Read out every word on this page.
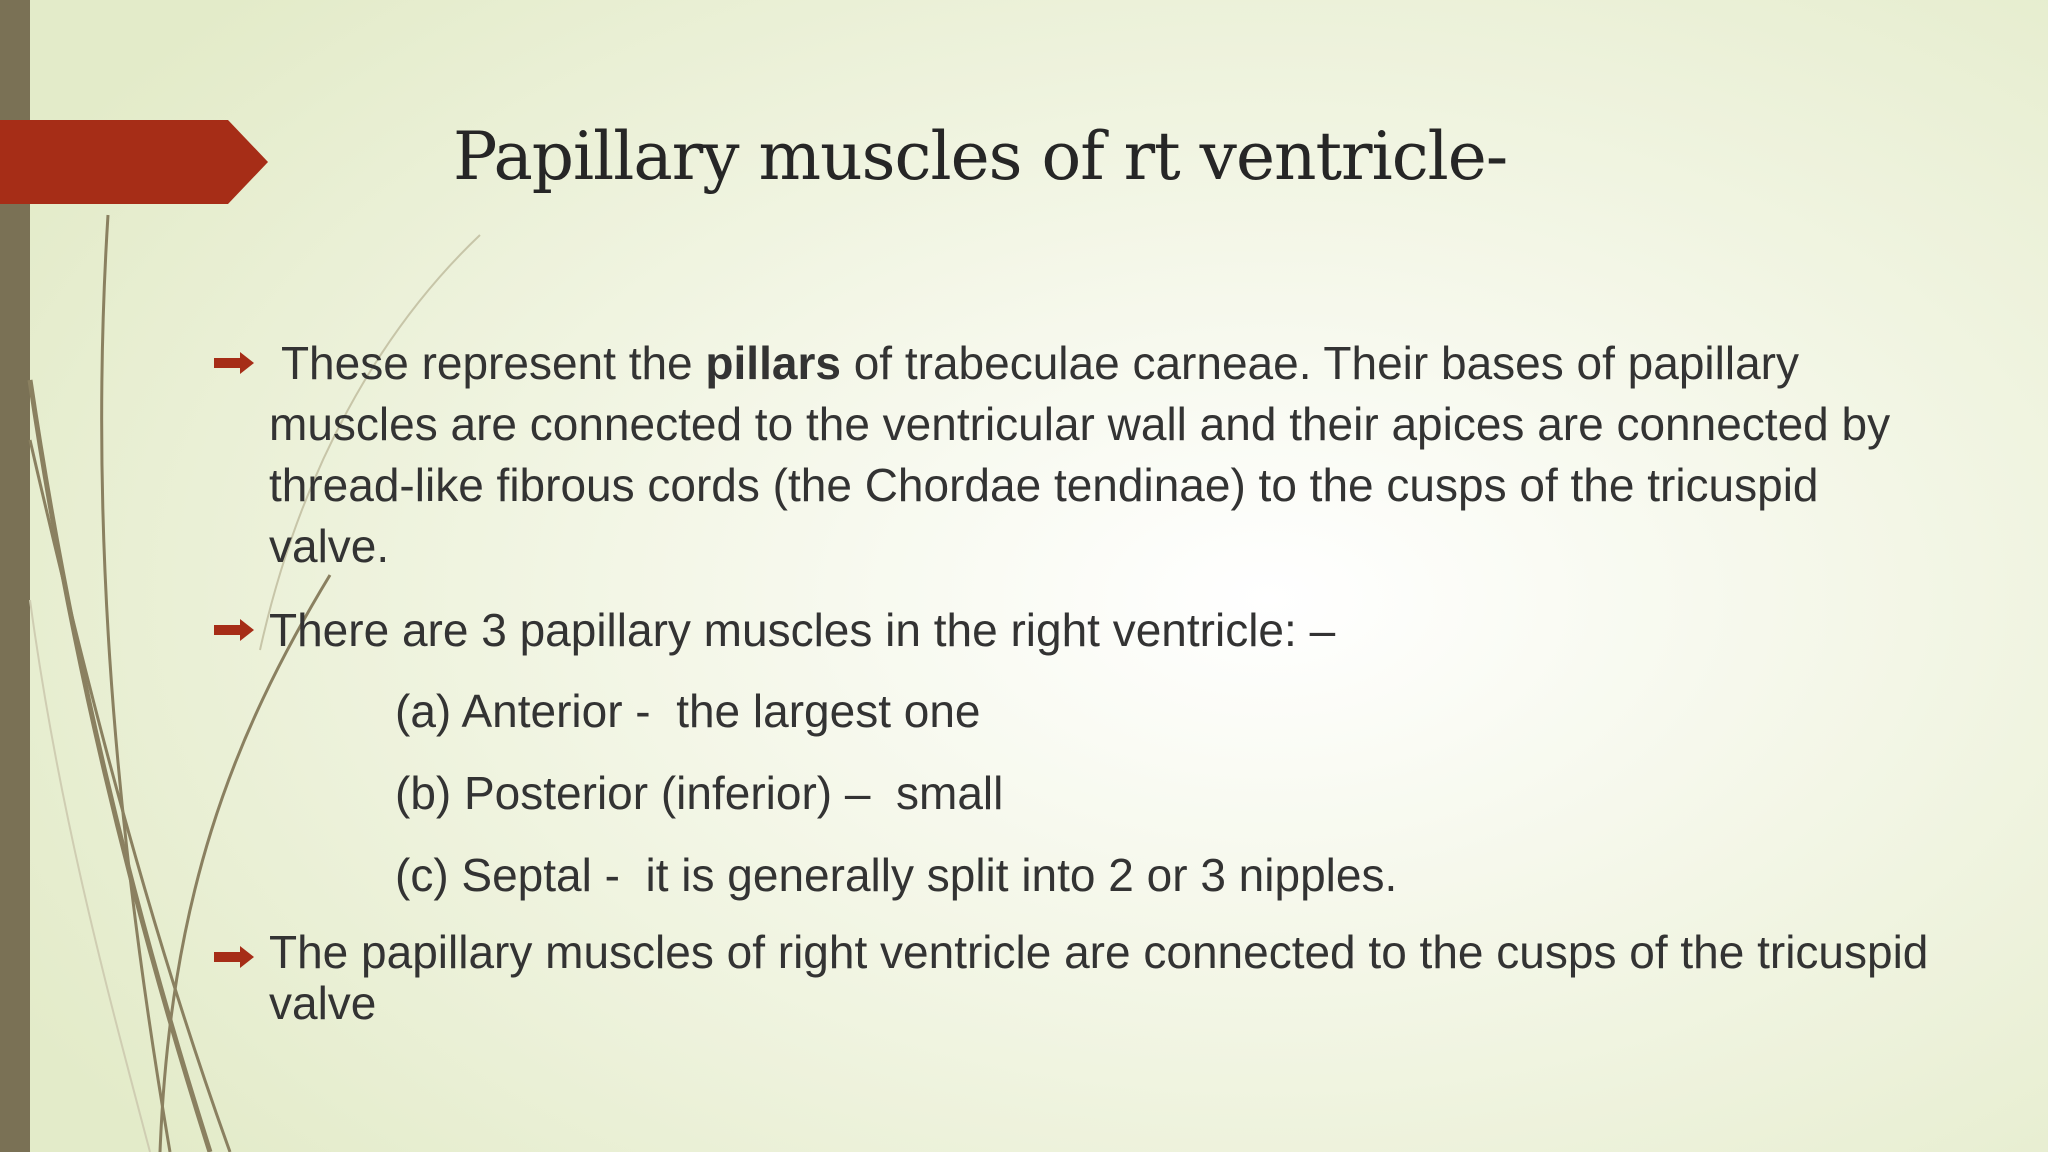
Papillary muscles of rt ventricle-

These represent the pillars of trabeculae carneae. Their bases of papillary muscles are connected to the ventricular wall and their apices are connected by thread-like fibrous cords (the Chordae tendinae) to the cusps of the tricuspid valve.

There are 3 papillary muscles in the right ventricle: –

(a) Anterior -  the largest one
(b) Posterior (inferior) –  small
(c) Septal -  it is generally split into 2 or 3 nipples.

The papillary muscles of right ventricle are connected to the cusps of the tricuspid valve
